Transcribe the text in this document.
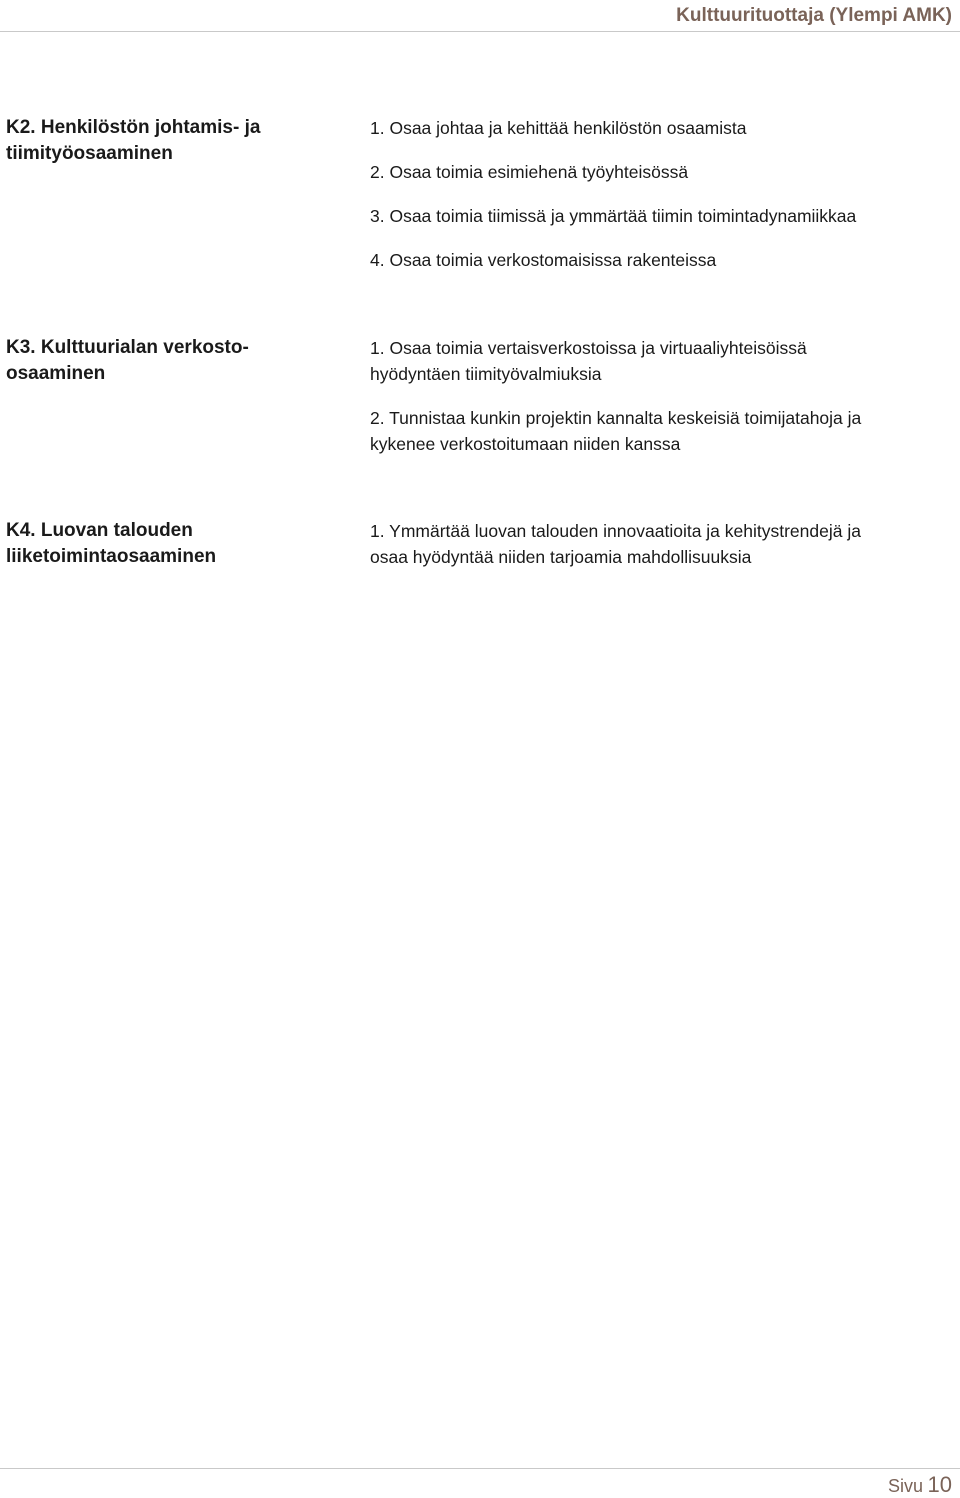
Kulttuurituottaja (Ylempi AMK)
K2. Henkilöstön johtamis- ja
tiimityöosaaminen
1. Osaa johtaa ja kehittää henkilöstön osaamista
2. Osaa toimia esimiehenä työyhteisössä
3. Osaa toimia tiimissä ja ymmärtää tiimin toimintadynamiikkaa
4. Osaa toimia verkostomaisissa rakenteissa
K3. Kulttuurialan verkosto-
osaaminen
1. Osaa toimia vertaisverkostoissa ja virtuaaliyhteisöissä
hyödyntäen tiimityövalmiuksia
2. Tunnistaa kunkin projektin kannalta keskeisiä toimijatahoja ja
kykenee verkostoitumaan niiden kanssa
K4. Luovan talouden
liiketoimintaosaaminen
1. Ymmärtää luovan talouden innovaatioita ja kehitystrendejä ja
osaa hyödyntää niiden tarjoamia mahdollisuuksia
Sivu 10
